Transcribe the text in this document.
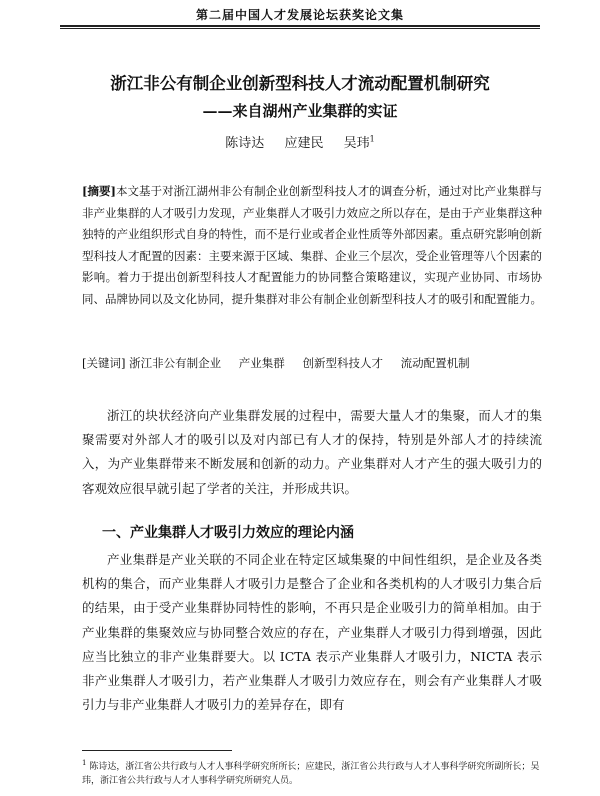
第二届中国人才发展论坛获奖论文集
浙江非公有制企业创新型科技人才流动配置机制研究
——来自湖州产业集群的实证
陈诗达 应建民 吴玮$^1$
[摘要]本文基于对浙江湖州非公有制企业创新型科技人才的调查分析，通过对比产业集群与非产业集群的人才吸引力发现，产业集群人才吸引力效应之所以存在，是由于产业集群这种独特的产业组织形式自身的特性，而不是行业或者企业性质等外部因素。重点研究影响创新型科技人才配置的因素：主要来源于区域、集群、企业三个层次，受企业管理等八个因素的影响。着力于提出创新型科技人才配置能力的协同整合策略建议，实现产业协同、市场协同、品牌协同以及文化协同，提升集群对非公有制企业创新型科技人才的吸引和配置能力。
[关键词] 浙江非公有制企业 产业集群 创新型科技人才 流动配置机制
浙江的块状经济向产业集群发展的过程中，需要大量人才的集聚，而人才的集聚需要对外部人才的吸引以及对内部已有人才的保持，特别是外部人才的持续流入，为产业集群带来不断发展和创新的动力。产业集群对人才产生的强大吸引力的客观效应很早就引起了学者的关注，并形成共识。
一、产业集群人才吸引力效应的理论内涵
产业集群是产业关联的不同企业在特定区域集聚的中间性组织，是企业及各类机构的集合，而产业集群人才吸引力是整合了企业和各类机构的人才吸引力集合后的结果，由于受产业集群协同特性的影响，不再只是企业吸引力的简单相加。由于产业集群的集聚效应与协同整合效应的存在，产业集群人才吸引力得到增强，因此应当比独立的非产业集群要大。以 ICTA 表示产业集群人才吸引力，NICTA 表示非产业集群人才吸引力，若产业集群人才吸引力效应存在，则会有产业集群人才吸引力与非产业集群人才吸引力的差异存在，即有
$^1$ 陈诗达，浙江省公共行政与人才人事科学研究所所长；应建民，浙江省公共行政与人才人事科学研究所副所长；吴玮，浙江省公共行政与人才人事科学研究所研究人员。
